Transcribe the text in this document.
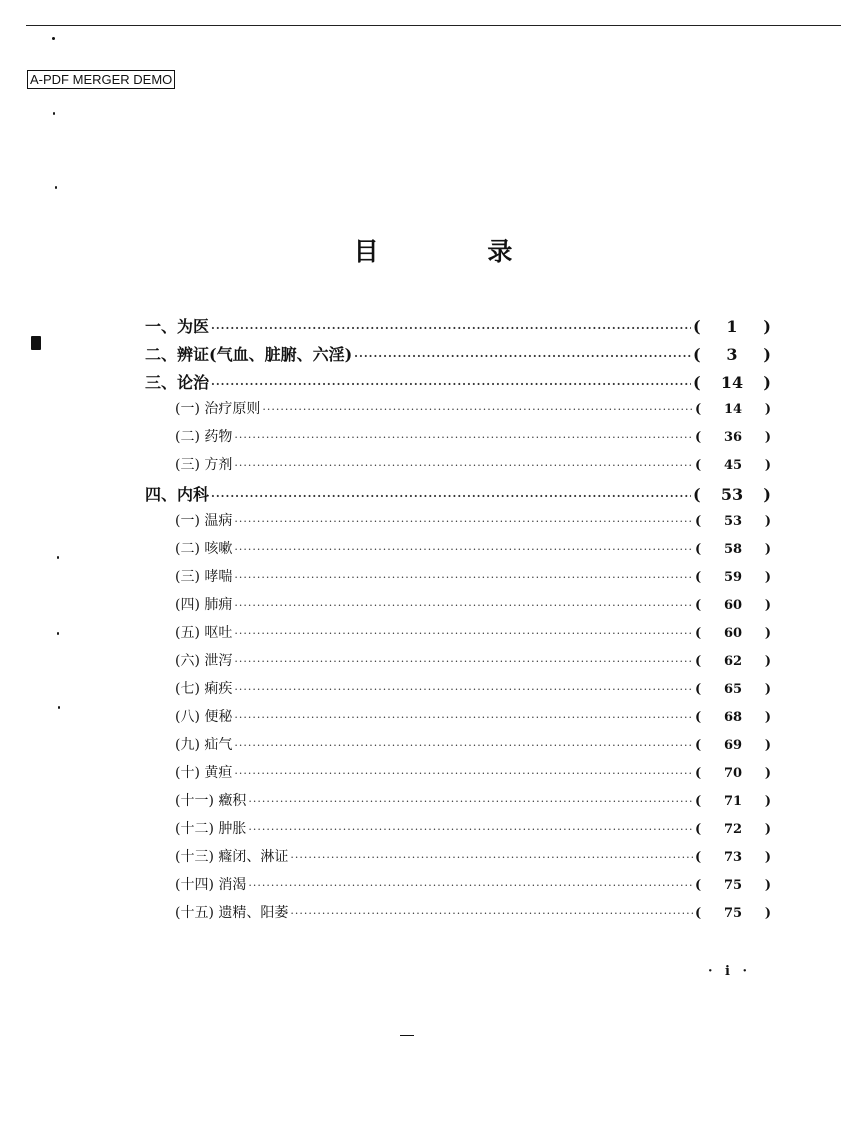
A-PDF MERGER DEMO
目 录
一、为医 ·····	(	1	)
二、辨证(气血、脏腑、六淫) ·····	(	3	)
三、论治 ·····	(	14	)
(一) 治疗原则 ·····	(	14	)
(二) 药物 ·····	(	36	)
(三) 方剂 ·····	(	45	)
四、内科 ·····	(	53	)
(一) 温病 ·····	(	53	)
(二) 咳嗽 ·····	(	58	)
(三) 哮喘 ·····	(	59	)
(四) 肺痈 ·····	(	60	)
(五) 呕吐 ·····	(	60	)
(六) 泄泻 ·····	(	62	)
(七) 痢疾 ·····	(	65	)
(八) 便秘 ·····	(	68	)
(九) 疝气 ·····	(	69	)
(十) 黄疸 ·····	(	70	)
(十一) 癥积 ·····	(	71	)
(十二) 肿胀 ·····	(	72	)
(十三) 癃闭、淋证 ·····	(	73	)
(十四) 消渴 ·····	(	75	)
(十五) 遗精、阳萎 ·····	(	75	)
· i ·
